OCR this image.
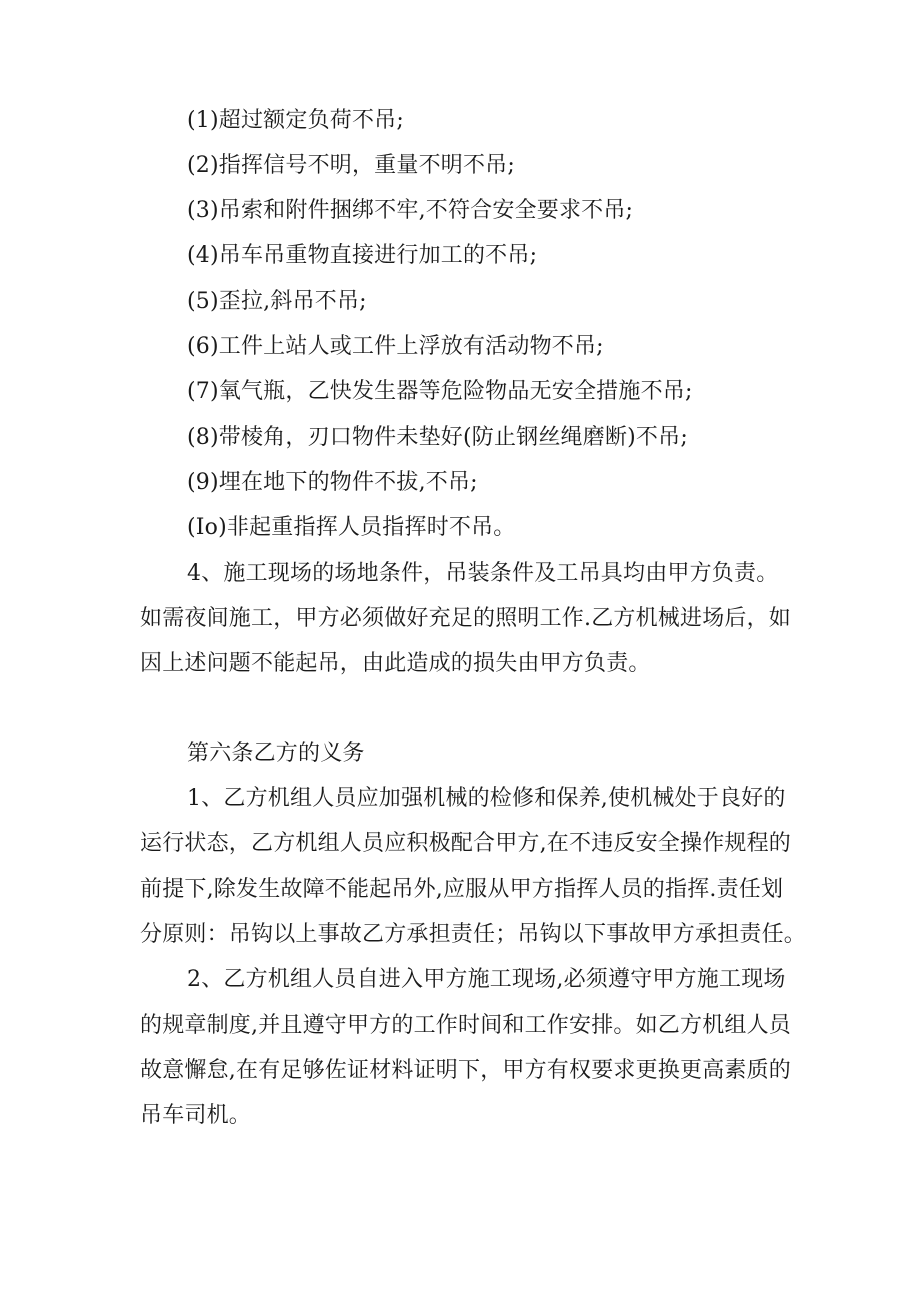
(1)超过额定负荷不吊;
(2)指挥信号不明，重量不明不吊;
(3)吊索和附件捆绑不牢,不符合安全要求不吊;
(4)吊车吊重物直接进行加工的不吊;
(5)歪拉,斜吊不吊;
(6)工件上站人或工件上浮放有活动物不吊;
(7)氧气瓶，乙快发生器等危险物品无安全措施不吊;
(8)带棱角，刃口物件未垫好(防止钢丝绳磨断)不吊;
(9)埋在地下的物件不拔,不吊;
(Io)非起重指挥人员指挥时不吊。
4、施工现场的场地条件，吊装条件及工吊具均由甲方负责。
如需夜间施工，甲方必须做好充足的照明工作.乙方机械进场后，如
因上述问题不能起吊，由此造成的损失由甲方负责。
第六条乙方的义务
1、乙方机组人员应加强机械的检修和保养,使机械处于良好的
运行状态，乙方机组人员应积极配合甲方,在不违反安全操作规程的
前提下,除发生故障不能起吊外,应服从甲方指挥人员的指挥.责任划
分原则：吊钩以上事故乙方承担责任；吊钩以下事故甲方承担责任。
2、乙方机组人员自进入甲方施工现场,必须遵守甲方施工现场
的规章制度,并且遵守甲方的工作时间和工作安排。如乙方机组人员
故意懈怠,在有足够佐证材料证明下，甲方有权要求更换更高素质的
吊车司机。
